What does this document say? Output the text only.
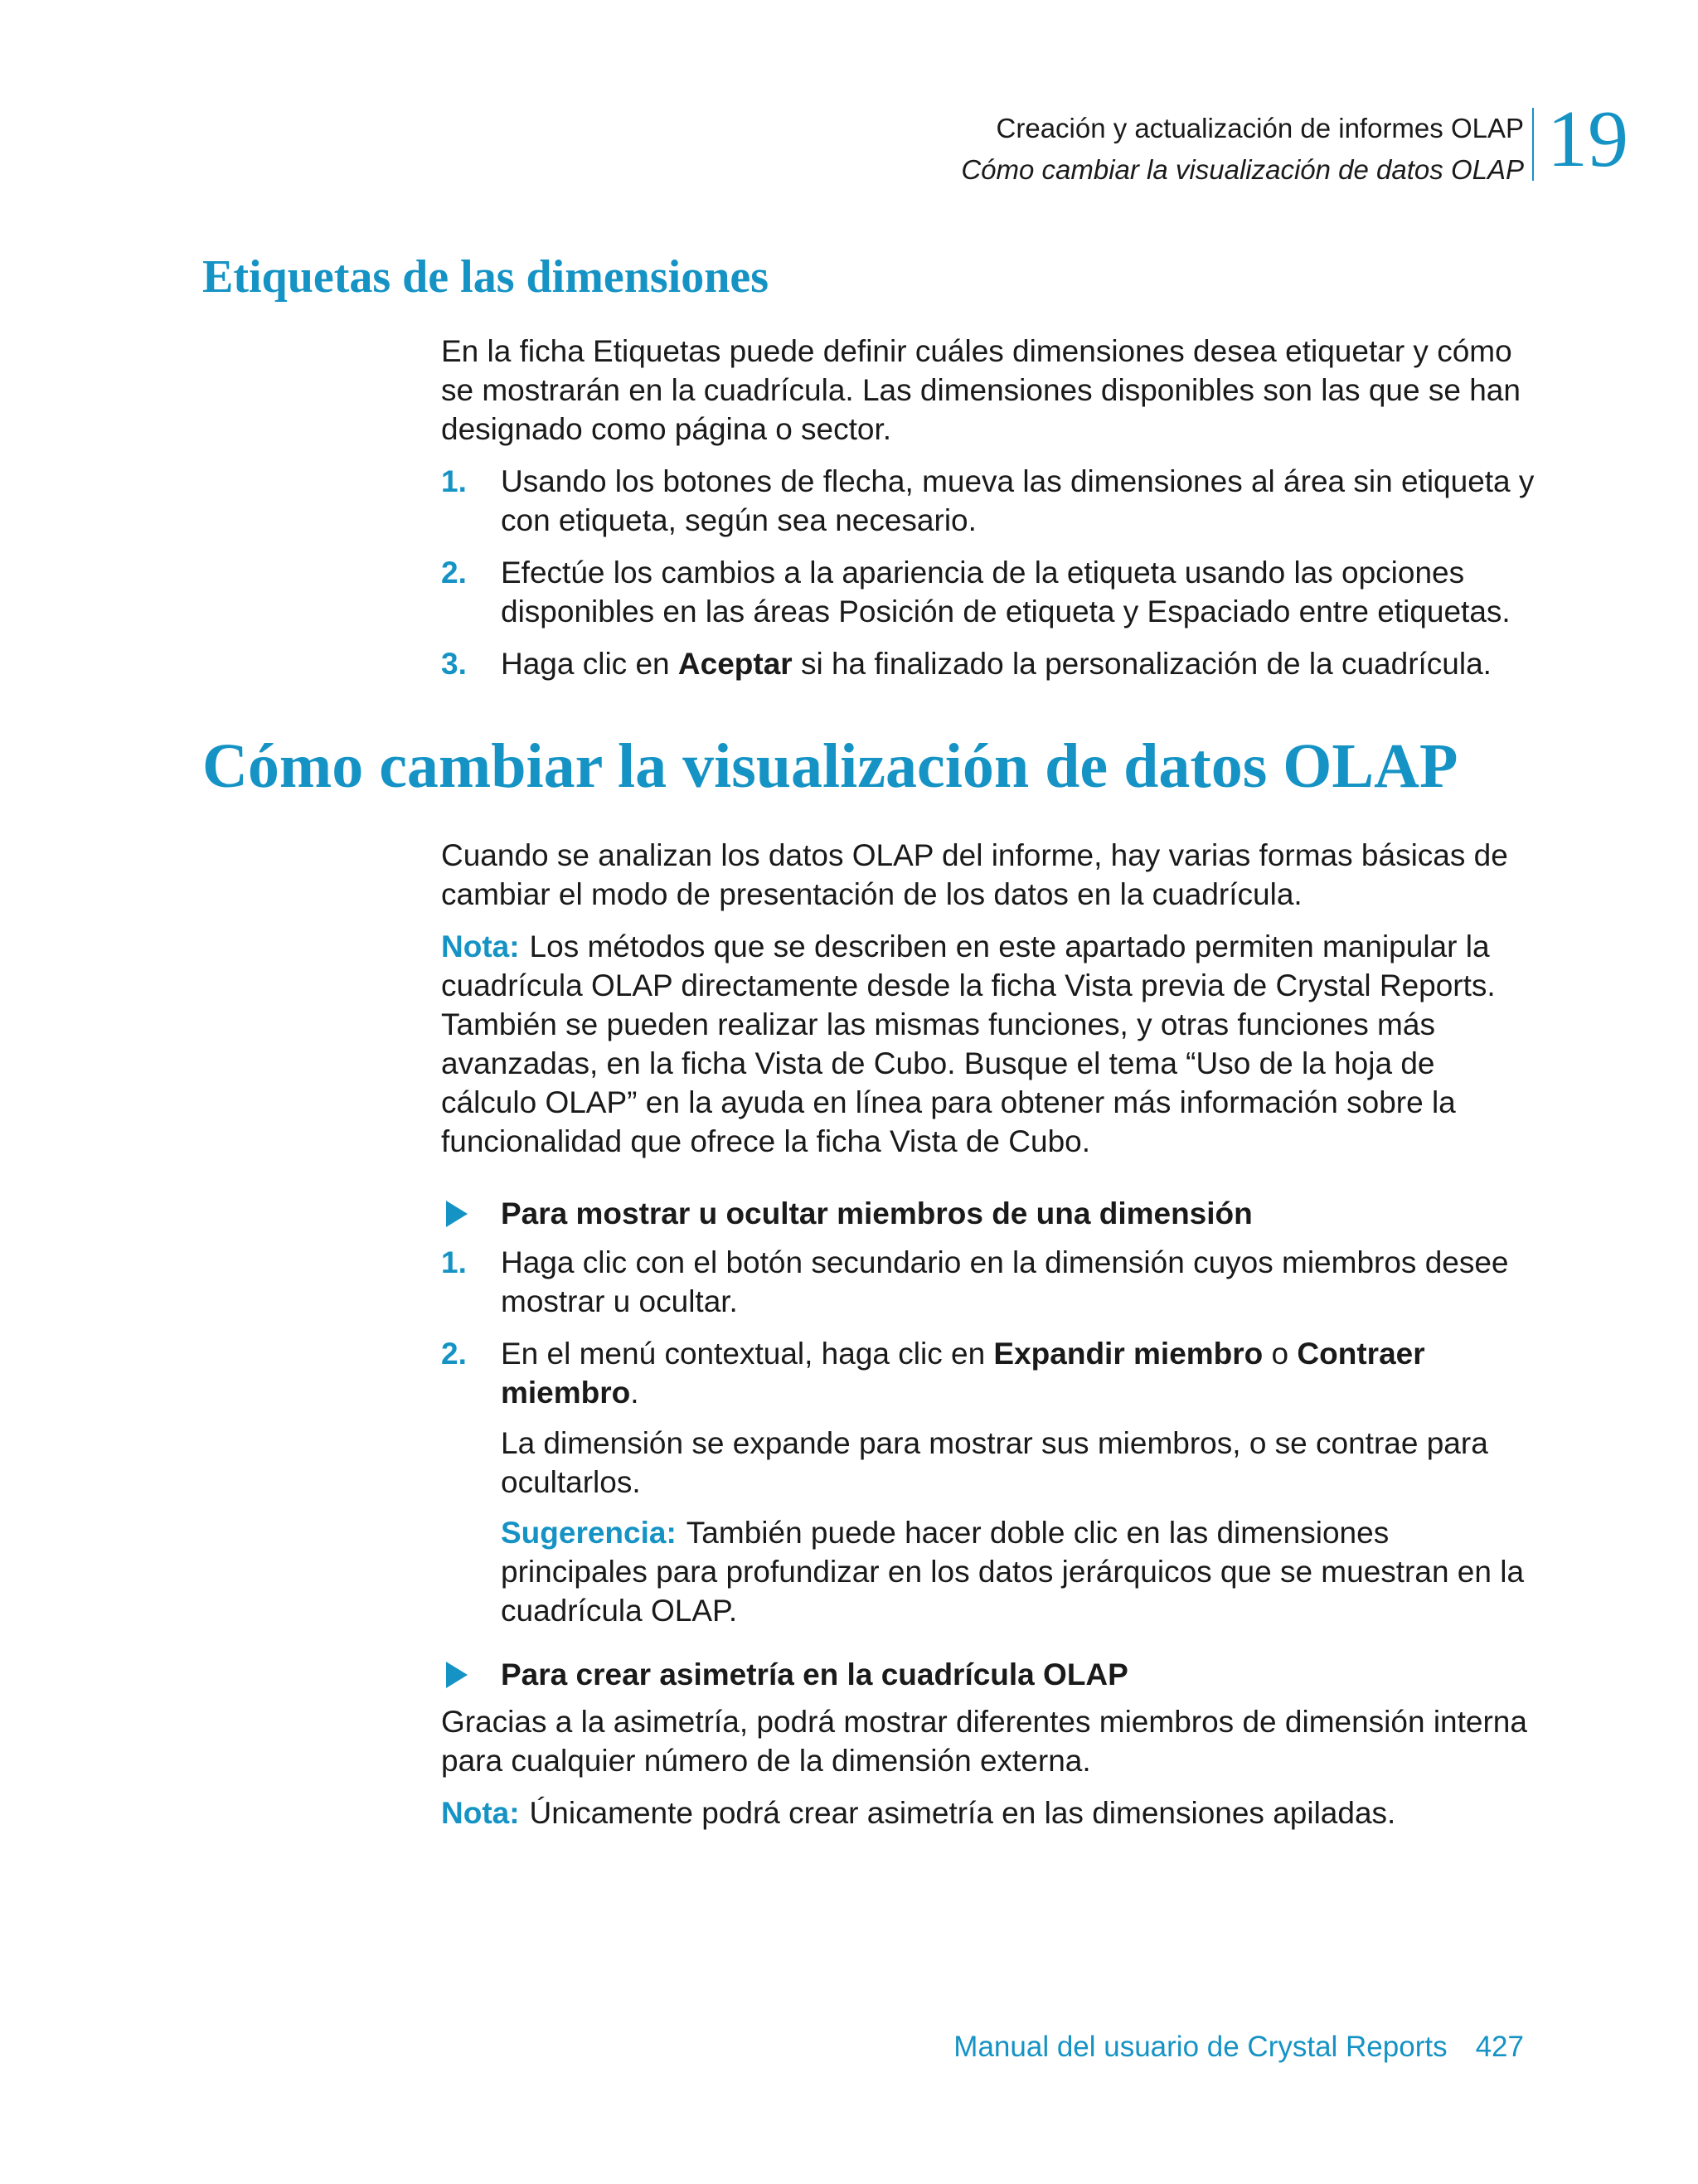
Creación y actualización de informes OLAP
Cómo cambiar la visualización de datos OLAP 19
Etiquetas de las dimensiones

En la ficha Etiquetas puede definir cuáles dimensiones desea etiquetar y cómo se mostrarán en la cuadrícula. Las dimensiones disponibles son las que se han designado como página o sector.

1. Usando los botones de flecha, mueva las dimensiones al área sin etiqueta y con etiqueta, según sea necesario.
2. Efectúe los cambios a la apariencia de la etiqueta usando las opciones disponibles en las áreas Posición de etiqueta y Espaciado entre etiquetas.
3. Haga clic en Aceptar si ha finalizado la personalización de la cuadrícula.
Cómo cambiar la visualización de datos OLAP

Cuando se analizan los datos OLAP del informe, hay varias formas básicas de cambiar el modo de presentación de los datos en la cuadrícula.

Nota: Los métodos que se describen en este apartado permiten manipular la cuadrícula OLAP directamente desde la ficha Vista previa de Crystal Reports. También se pueden realizar las mismas funciones, y otras funciones más avanzadas, en la ficha Vista de Cubo. Busque el tema “Uso de la hoja de cálculo OLAP” en la ayuda en línea para obtener más información sobre la funcionalidad que ofrece la ficha Vista de Cubo.

Para mostrar u ocultar miembros de una dimensión
1. Haga clic con el botón secundario en la dimensión cuyos miembros desee mostrar u ocultar.
2. En el menú contextual, haga clic en Expandir miembro o Contraer miembro.

La dimensión se expande para mostrar sus miembros, o se contrae para ocultarlos.

Sugerencia: También puede hacer doble clic en las dimensiones principales para profundizar en los datos jerárquicos que se muestran en la cuadrícula OLAP.

Para crear asimetría en la cuadrícula OLAP

Gracias a la asimetría, podrá mostrar diferentes miembros de dimensión interna para cualquier número de la dimensión externa.

Nota: Únicamente podrá crear asimetría en las dimensiones apiladas.

Manual del usuario de Crystal Reports 427
